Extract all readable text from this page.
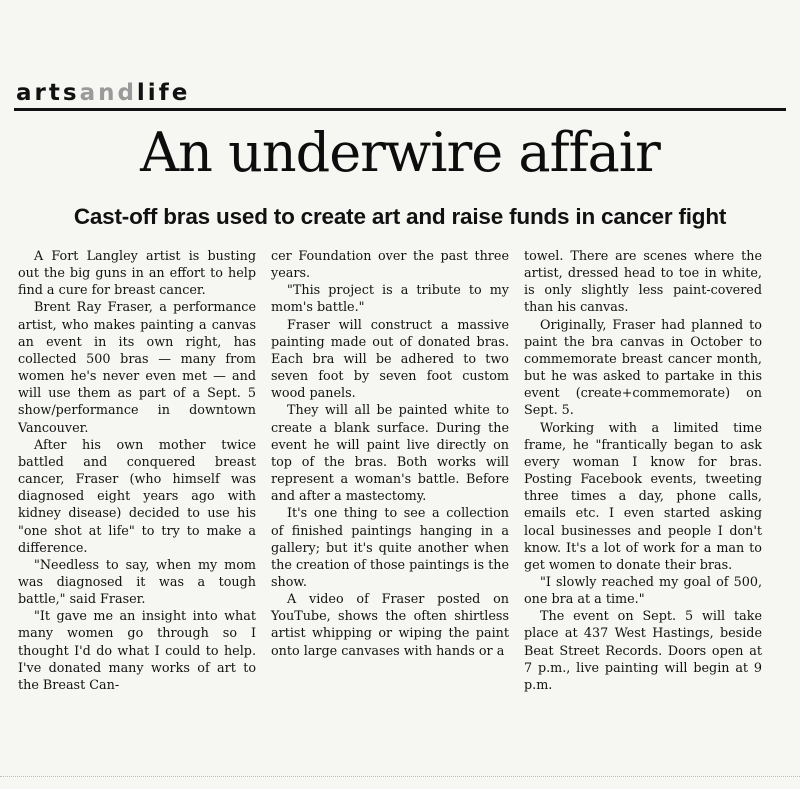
artsandlife
An underwire affair
Cast-off bras used to create art and raise funds in cancer fight

A Fort Langley artist is busting out the big guns in an effort to help find a cure for breast cancer.

Brent Ray Fraser, a performance artist, who makes painting a canvas an event in its own right, has collected 500 bras — many from women he's never even met — and will use them as part of a Sept. 5 show/performance in downtown Vancouver.

After his own mother twice battled and conquered breast cancer, Fraser (who himself was diagnosed eight years ago with kidney disease) decided to use his "one shot at life" to try to make a difference.

"Needless to say, when my mom was diagnosed it was a tough battle," said Fraser.

"It gave me an insight into what many women go through so I thought I'd do what I could to help. I've donated many works of art to the Breast Can-

cer Foundation over the past three years.

"This project is a tribute to my mom's battle."

Fraser will construct a massive painting made out of donated bras. Each bra will be adhered to two seven foot by seven foot custom wood panels.

They will all be painted white to create a blank surface. During the event he will paint live directly on top of the bras. Both works will represent a woman's battle. Before and after a mastectomy.

It's one thing to see a collection of finished paintings hanging in a gallery; but it's quite another when the creation of those paintings is the show.

A video of Fraser posted on YouTube, shows the often shirtless artist whipping or wiping the paint onto large canvases with hands or a

towel. There are scenes where the artist, dressed head to toe in white, is only slightly less paint-covered than his canvas.

Originally, Fraser had planned to paint the bra canvas in October to commemorate breast cancer month, but he was asked to partake in this event (create+commemorate) on Sept. 5.

Working with a limited time frame, he "frantically began to ask every woman I know for bras. Posting Facebook events, tweeting three times a day, phone calls, emails etc. I even started asking local businesses and people I don't know. It's a lot of work for a man to get women to donate their bras.

"I slowly reached my goal of 500, one bra at a time."

The event on Sept. 5 will take place at 437 West Hastings, beside Beat Street Records. Doors open at 7 p.m., live painting will begin at 9 p.m.
